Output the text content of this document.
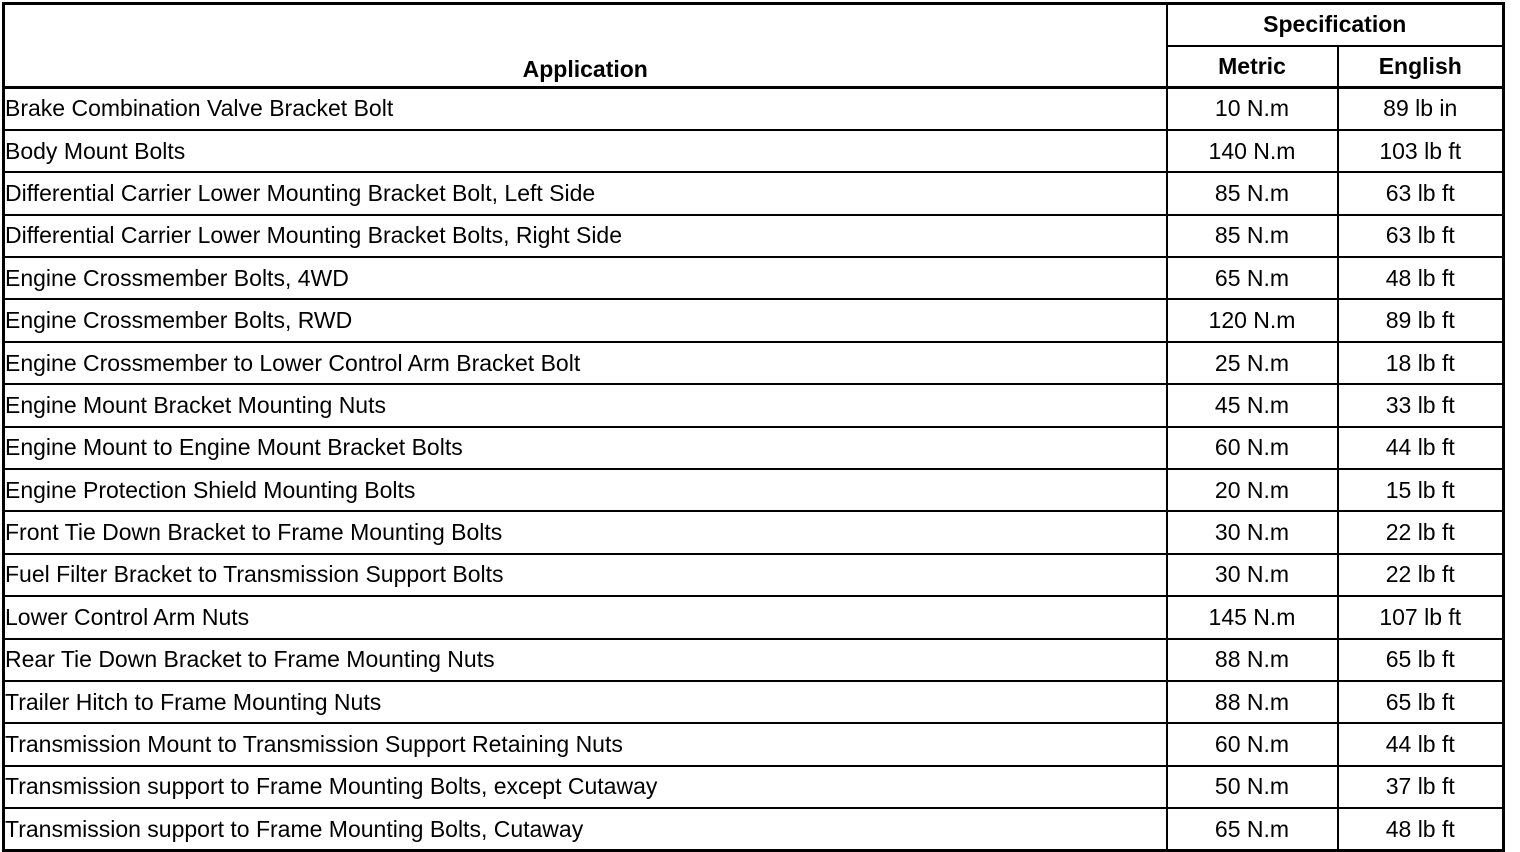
Application	Specification	
	Metric	English
Brake Combination Valve Bracket Bolt	10 N.m	89 lb in
Body Mount Bolts	140 N.m	103 lb ft
Differential Carrier Lower Mounting Bracket Bolt, Left Side	85 N.m	63 lb ft
Differential Carrier Lower Mounting Bracket Bolts, Right Side	85 N.m	63 lb ft
Engine Crossmember Bolts, 4WD	65 N.m	48 lb ft
Engine Crossmember Bolts, RWD	120 N.m	89 lb ft
Engine Crossmember to Lower Control Arm Bracket Bolt	25 N.m	18 lb ft
Engine Mount Bracket Mounting Nuts	45 N.m	33 lb ft
Engine Mount to Engine Mount Bracket Bolts	60 N.m	44 lb ft
Engine Protection Shield Mounting Bolts	20 N.m	15 lb ft
Front Tie Down Bracket to Frame Mounting Bolts	30 N.m	22 lb ft
Fuel Filter Bracket to Transmission Support Bolts	30 N.m	22 lb ft
Lower Control Arm Nuts	145 N.m	107 lb ft
Rear Tie Down Bracket to Frame Mounting Nuts	88 N.m	65 lb ft
Trailer Hitch to Frame Mounting Nuts	88 N.m	65 lb ft
Transmission Mount to Transmission Support Retaining Nuts	60 N.m	44 lb ft
Transmission support to Frame Mounting Bolts, except Cutaway	50 N.m	37 lb ft
Transmission support to Frame Mounting Bolts, Cutaway	65 N.m	48 lb ft
